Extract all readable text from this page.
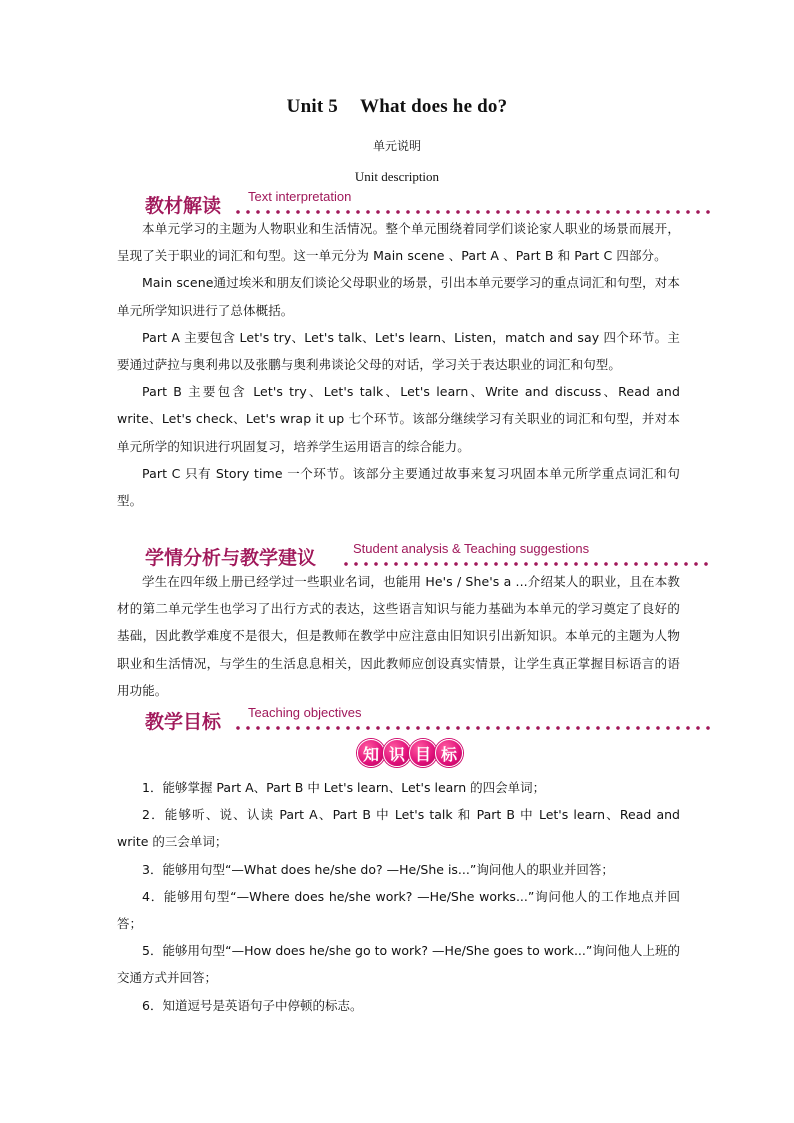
Unit 5 What does he do?
单元说明
Unit description
教材解读 Text interpretation

本单元学习的主题为人物职业和生活情况。整个单元围绕着同学们谈论家人职业的场景而展开，呈现了关于职业的词汇和句型。这一单元分为 Main scene 、Part A 、Part B 和 Part C 四部分。

Main scene通过埃米和朋友们谈论父母职业的场景，引出本单元要学习的重点词汇和句型，对本单元所学知识进行了总体概括。

Part A 主要包含 Let's try、Let's talk、Let's learn、Listen，match and say 四个环节。主要通过萨拉与奥利弗以及张鹏与奥利弗谈论父母的对话，学习关于表达职业的词汇和句型。

Part B 主要包含 Let's try、Let's talk、Let's learn、Write and discuss、Read and write、Let's check、Let's wrap it up 七个环节。该部分继续学习有关职业的词汇和句型，并对本单元所学的知识进行巩固复习，培养学生运用语言的综合能力。

Part C 只有 Story time 一个环节。该部分主要通过故事来复习巩固本单元所学重点词汇和句型。

学情分析与教学建议	Student analysis & Teaching suggestions

学生在四年级上册已经学过一些职业名词，也能用 He's / She's a ...介绍某人的职业，且在本教材的第二单元学生也学习了出行方式的表达，这些语言知识与能力基础为本单元的学习奠定了良好的基础，因此教学难度不是很大，但是教师在教学中应注意由旧知识引出新知识。本单元的主题为人物职业和生活情况，与学生的生活息息相关，因此教师应创设真实情景，让学生真正掌握目标语言的语用功能。

教学目标 Teaching objectives
知 识 目 标

1．能够掌握 Part A、Part B 中 Let's learn、Let's learn 的四会单词；

2．能够听、说、认读 Part A、Part B 中 Let's talk 和 Part B 中 Let's learn、Read and write 的三会单词；

3．能够用句型“—What does he/she do? —He/She is...”询问他人的职业并回答；

4．能够用句型“—Where does he/she work? —He/She works...”询问他人的工作地点并回答；

5．能够用句型“—How does he/she go to work? —He/She goes to work...”询问他人上班的交通方式并回答；

6．知道逗号是英语句子中停顿的标志。
